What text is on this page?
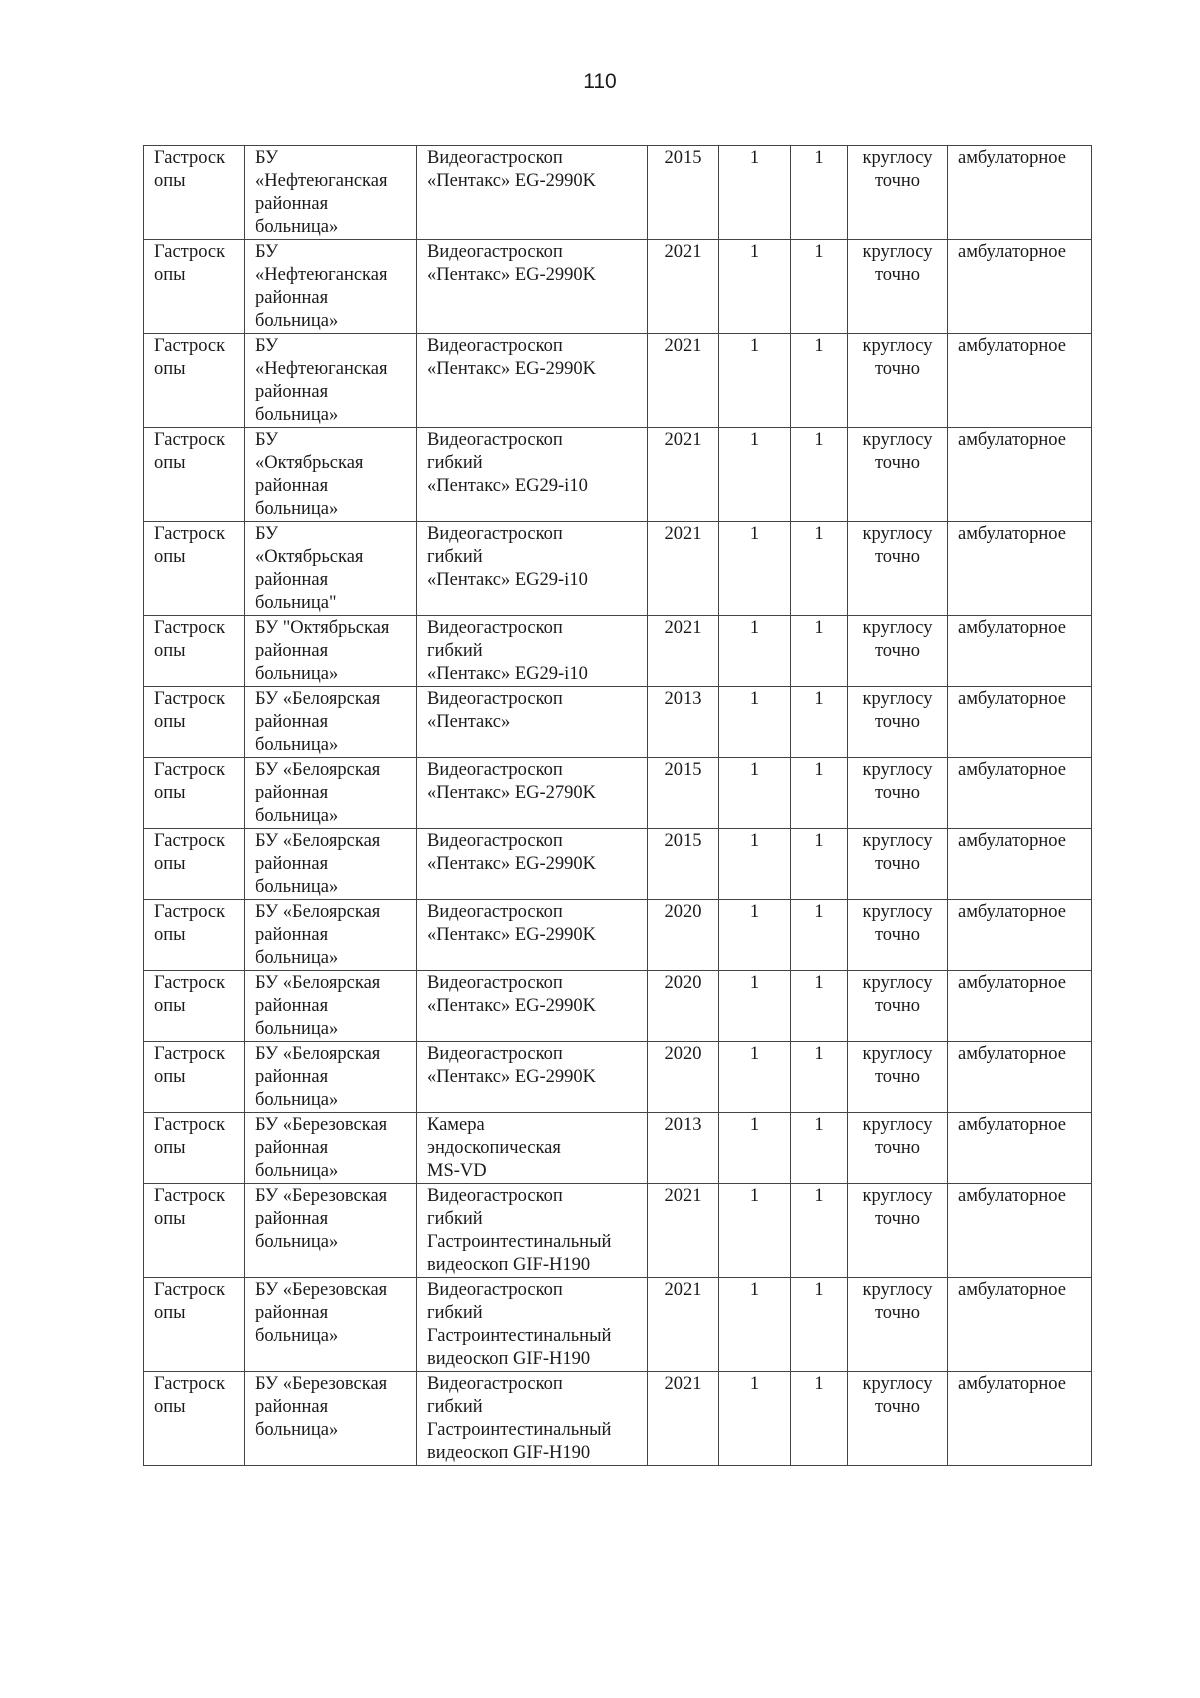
110
Гастроск
опы	БУ
«Нефтеюганская
районная
больница»	Видеогастроскоп
«Пентакс» EG-2990K	2015	1	1	круглосу
точно	амбулаторное
Гастроск
опы	БУ
«Нефтеюганская
районная
больница»	Видеогастроскоп
«Пентакс» EG-2990K	2021	1	1	круглосу
точно	амбулаторное
Гастроск
опы	БУ
«Нефтеюганская
районная
больница»	Видеогастроскоп
«Пентакс» EG-2990K	2021	1	1	круглосу
точно	амбулаторное
Гастроск
опы	БУ
«Октябрьская
районная
больница»	Видеогастроскоп
гибкий
«Пентакс» EG29-i10	2021	1	1	круглосу
точно	амбулаторное
Гастроск
опы	БУ
«Октябрьская
районная
больница"	Видеогастроскоп
гибкий
«Пентакс» EG29-i10	2021	1	1	круглосу
точно	амбулаторное
Гастроск
опы	БУ "Октябрьская
районная
больница»	Видеогастроскоп
гибкий
«Пентакс» EG29-i10	2021	1	1	круглосу
точно	амбулаторное
Гастроск
опы	БУ «Белоярская
районная
больница»	Видеогастроскоп
«Пентакс»	2013	1	1	круглосу
точно	амбулаторное
Гастроск
опы	БУ «Белоярская
районная
больница»	Видеогастроскоп
«Пентакс» EG-2790K	2015	1	1	круглосу
точно	амбулаторное
Гастроск
опы	БУ «Белоярская
районная
больница»	Видеогастроскоп
«Пентакс» EG-2990K	2015	1	1	круглосу
точно	амбулаторное
Гастроск
опы	БУ «Белоярская
районная
больница»	Видеогастроскоп
«Пентакс» EG-2990K	2020	1	1	круглосу
точно	амбулаторное
Гастроск
опы	БУ «Белоярская
районная
больница»	Видеогастроскоп
«Пентакс» EG-2990K	2020	1	1	круглосу
точно	амбулаторное
Гастроск
опы	БУ «Белоярская
районная
больница»	Видеогастроскоп
«Пентакс» EG-2990K	2020	1	1	круглосу
точно	амбулаторное
Гастроск
опы	БУ «Березовская
районная
больница»	Камера
эндоскопическая
MS-VD	2013	1	1	круглосу
точно	амбулаторное
Гастроск
опы	БУ «Березовская
районная
больница»	Видеогастроскоп
гибкий
Гастроинтестинальный
видеоскоп GIF-H190	2021	1	1	круглосу
точно	амбулаторное
Гастроск
опы	БУ «Березовская
районная
больница»	Видеогастроскоп
гибкий
Гастроинтестинальный
видеоскоп GIF-H190	2021	1	1	круглосу
точно	амбулаторное
Гастроск
опы	БУ «Березовская
районная
больница»	Видеогастроскоп
гибкий
Гастроинтестинальный
видеоскоп GIF-H190	2021	1	1	круглосу
точно	амбулаторное
